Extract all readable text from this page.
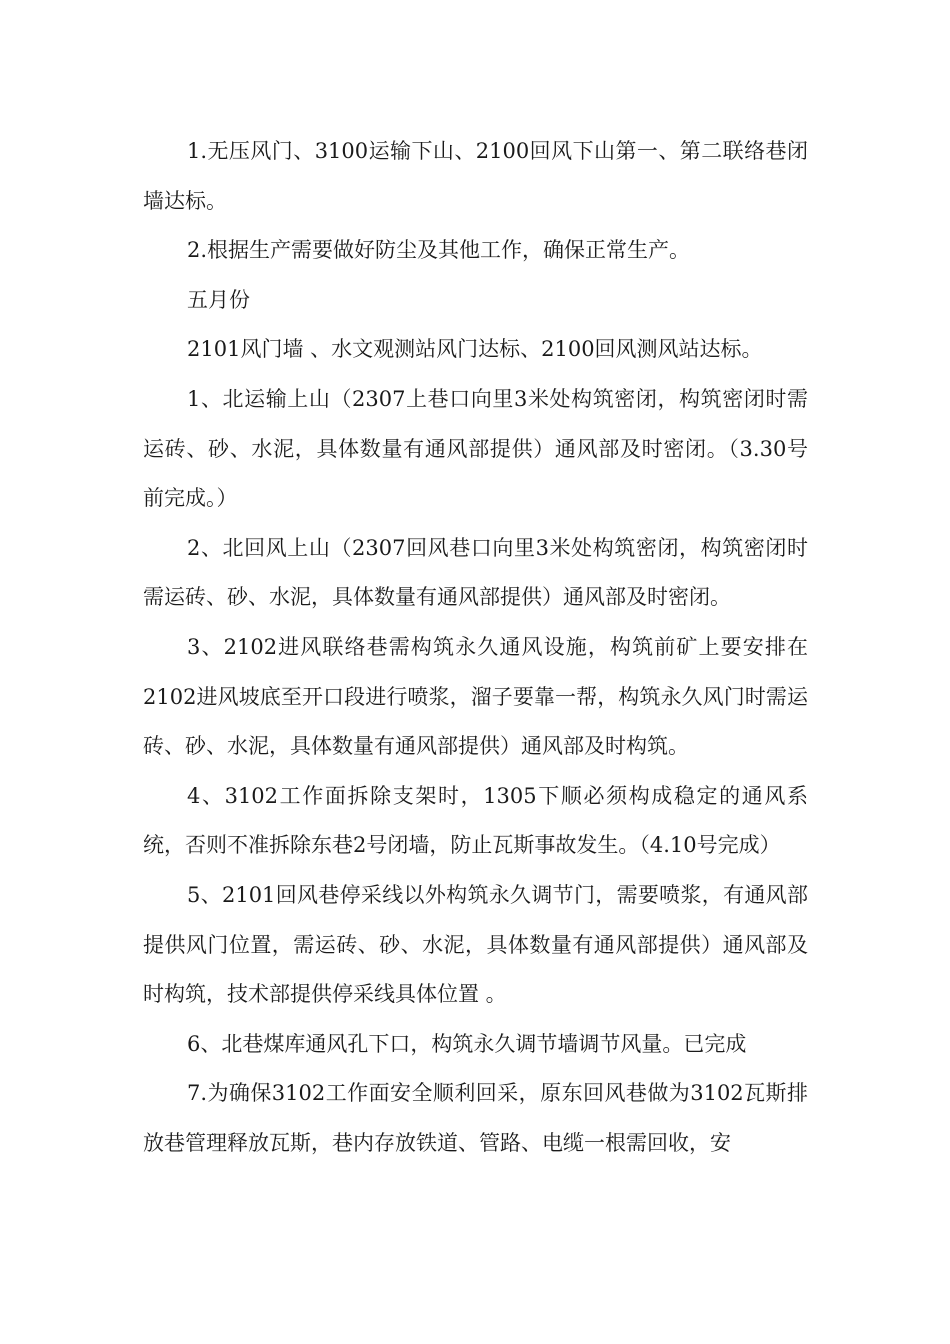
1.无压风门、3100运输下山、2100回风下山第一、第二联络巷闭墙达标。

2.根据生产需要做好防尘及其他工作，确保正常生产。

五月份

2101风门墙 、水文观测站风门达标、2100回风测风站达标。

1、北运输上山（2307上巷口向里3米处构筑密闭，构筑密闭时需运砖、砂、水泥，具体数量有通风部提供）通风部及时密闭。（3.30号前完成。）

2、北回风上山（2307回风巷口向里3米处构筑密闭，构筑密闭时需运砖、砂、水泥，具体数量有通风部提供）通风部及时密闭。

3、2102进风联络巷需构筑永久通风设施，构筑前矿上要安排在2102进风坡底至开口段进行喷浆，溜子要靠一帮，构筑永久风门时需运砖、砂、水泥，具体数量有通风部提供）通风部及时构筑。

4、3102工作面拆除支架时，1305下顺必须构成稳定的通风系统，否则不准拆除东巷2号闭墙，防止瓦斯事故发生。（4.10号完成）

5、2101回风巷停采线以外构筑永久调节门，需要喷浆，有通风部提供风门位置，需运砖、砂、水泥，具体数量有通风部提供）通风部及时构筑，技术部提供停采线具体位置 。

6、北巷煤库通风孔下口，构筑永久调节墙调节风量。已完成

7.为确保3102工作面安全顺利回采，原东回风巷做为3102瓦斯排放巷管理释放瓦斯，巷内存放铁道、管路、电缆一根需回收，安
